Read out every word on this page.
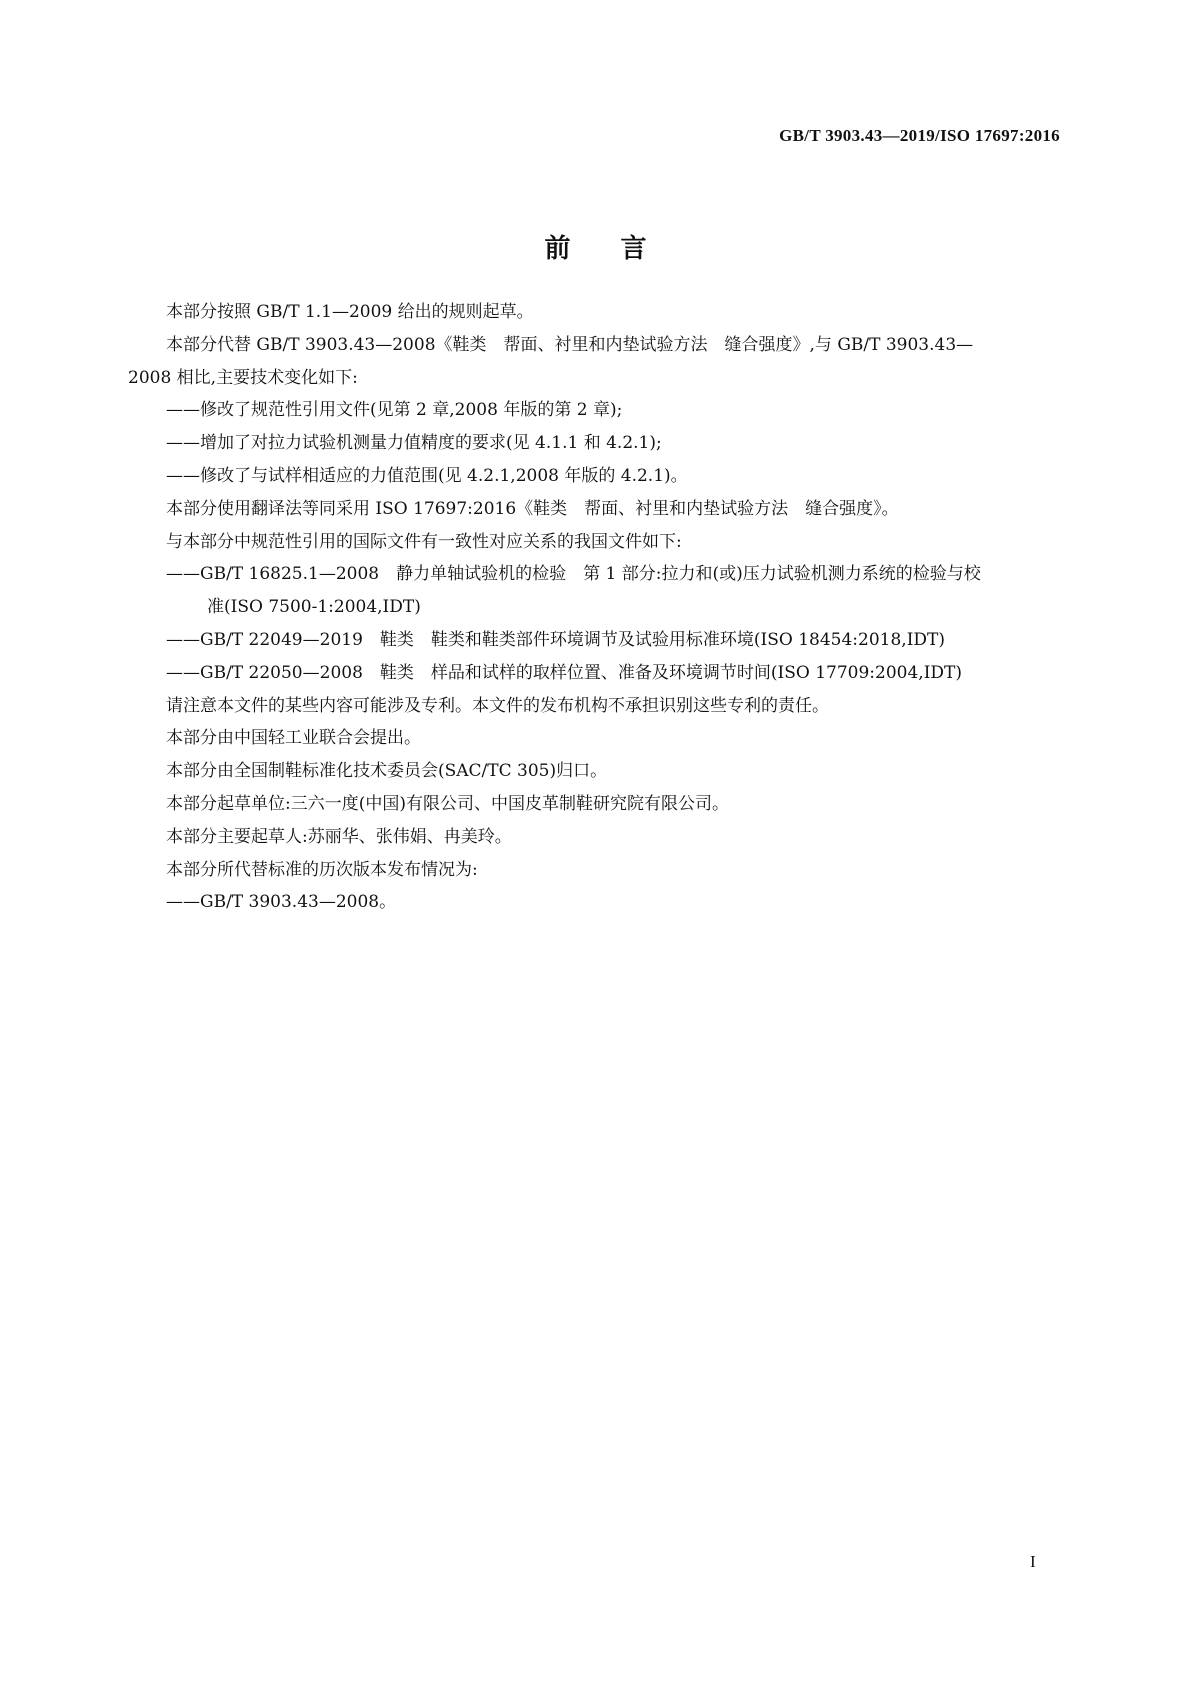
GB/T 3903.43—2019/ISO 17697:2016
前言

本部分按照 GB/T 1.1—2009 给出的规则起草。

本部分代替 GB/T 3903.43—2008《鞋类　帮面、衬里和内垫试验方法　缝合强度》,与 GB/T 3903.43—2008 相比,主要技术变化如下:

——修改了规范性引用文件(见第 2 章,2008 年版的第 2 章);

——增加了对拉力试验机测量力值精度的要求(见 4.1.1 和 4.2.1);

——修改了与试样相适应的力值范围(见 4.2.1,2008 年版的 4.2.1)。

本部分使用翻译法等同采用 ISO 17697:2016《鞋类　帮面、衬里和内垫试验方法　缝合强度》。

与本部分中规范性引用的国际文件有一致性对应关系的我国文件如下:

——GB/T 16825.1—2008　静力单轴试验机的检验　第 1 部分:拉力和(或)压力试验机测力系统的检验与校准(ISO 7500-1:2004,IDT)

——GB/T 22049—2019　鞋类　鞋类和鞋类部件环境调节及试验用标准环境(ISO 18454:2018,IDT)

——GB/T 22050—2008　鞋类　样品和试样的取样位置、准备及环境调节时间(ISO 17709:2004,IDT)

请注意本文件的某些内容可能涉及专利。本文件的发布机构不承担识别这些专利的责任。

本部分由中国轻工业联合会提出。

本部分由全国制鞋标准化技术委员会(SAC/TC 305)归口。

本部分起草单位:三六一度(中国)有限公司、中国皮革制鞋研究院有限公司。

本部分主要起草人:苏丽华、张伟娟、冉美玲。

本部分所代替标准的历次版本发布情况为:

——GB/T 3903.43—2008。

I
